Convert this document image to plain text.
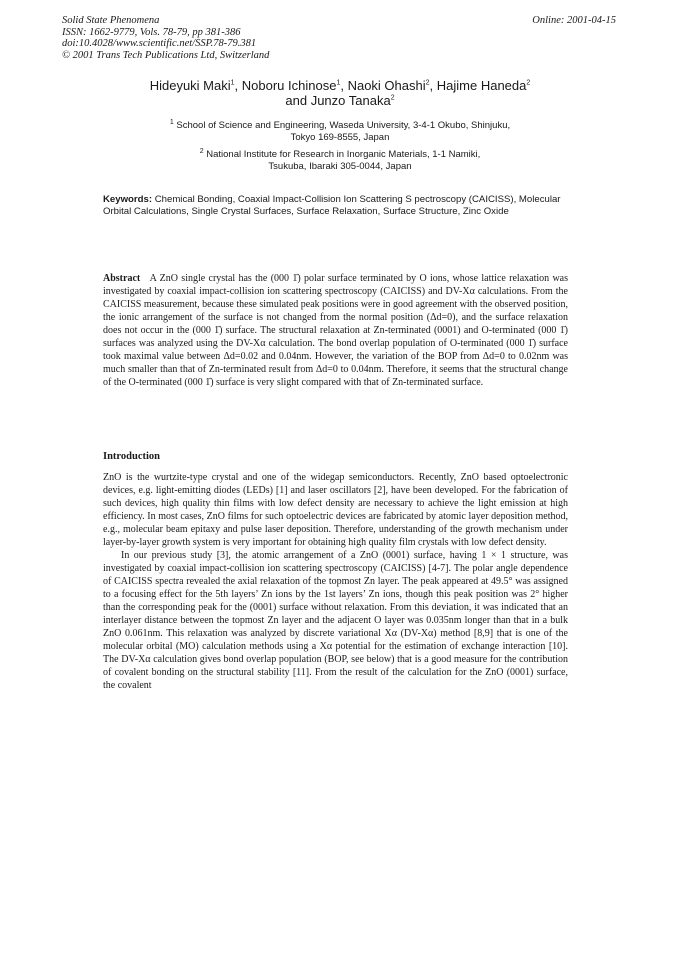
Solid State Phenomena
ISSN: 1662-9779, Vols. 78-79, pp 381-386
doi:10.4028/www.scientific.net/SSP.78-79.381
© 2001 Trans Tech Publications Ltd, Switzerland
Online: 2001-04-15
Hideyuki Maki$^1$, Noboru Ichinose$^1$, Naoki Ohashi$^2$, Hajime Haneda$^2$
and Junzo Tanaka$^2$
$^1$ School of Science and Engineering, Waseda University, 3-4-1 Okubo, Shinjuku,
Tokyo 169-8555, Japan
$^2$ National Institute for Research in Inorganic Materials, 1-1 Namiki,
Tsukuba, Ibaraki 305-0044, Japan
Keywords: Chemical Bonding, Coaxial Impact-Collision Ion Scattering S pectroscopy (CAICISS), Molecular Orbital Calculations, Single Crystal Surfaces, Surface Relaxation, Surface Structure, Zinc Oxide
Abstract A ZnO single crystal has the (000 1̄) polar surface terminated by O ions, whose lattice relaxation was investigated by coaxial impact-collision ion scattering spectroscopy (CAICISS) and DV-Xα calculations. From the CAICISS measurement, because these simulated peak positions were in good agreement with the observed position, the ionic arrangement of the surface is not changed from the normal position (Δd=0), and the surface relaxation does not occur in the (000 1̄) surface. The structural relaxation at Zn-terminated (0001) and O-terminated (000 1̄) surfaces was analyzed using the DV-Xα calculation. The bond overlap population of O-terminated (000 1̄) surface took maximal value between Δd=0.02 and 0.04nm. However, the variation of the BOP from Δd=0 to 0.02nm was much smaller than that of Zn-terminated result from Δd=0 to 0.04nm. Therefore, it seems that the structural change of the O-terminated (000 1̄) surface is very slight compared with that of Zn-terminated surface.
Introduction
ZnO is the wurtzite-type crystal and one of the widegap semiconductors. Recently, ZnO based optoelectronic devices, e.g. light-emitting diodes (LEDs) [1] and laser oscillators [2], have been developed. For the fabrication of such devices, high quality thin films with low defect density are necessary to achieve the light emission at high efficiency. In most cases, ZnO films for such optoelectric devices are fabricated by atomic layer deposition method, e.g., molecular beam epitaxy and pulse laser deposition. Therefore, understanding of the growth mechanism under layer-by-layer growth system is very important for obtaining high quality film crystals with low defect density.
In our previous study [3], the atomic arrangement of a ZnO (0001) surface, having 1 × 1 structure, was investigated by coaxial impact-collision ion scattering spectroscopy (CAICISS) [4-7]. The polar angle dependence of CAICISS spectra revealed the axial relaxation of the topmost Zn layer. The peak appeared at 49.5° was assigned to a focusing effect for the 5th layers’ Zn ions by the 1st layers’ Zn ions, though this peak position was 2° higher than the corresponding peak for the (0001) surface without relaxation. From this deviation, it was indicated that an interlayer distance between the topmost Zn layer and the adjacent O layer was 0.035nm longer than that in a bulk ZnO 0.061nm. This relaxation was analyzed by discrete variational Xα (DV-Xα) method [8,9] that is one of the molecular orbital (MO) calculation methods using a Xα potential for the estimation of exchange interaction [10]. The DV-Xα calculation gives bond overlap population (BOP, see below) that is a good measure for the contribution of covalent bonding on the structural stability [11]. From the result of the calculation for the ZnO (0001) surface, the covalent
